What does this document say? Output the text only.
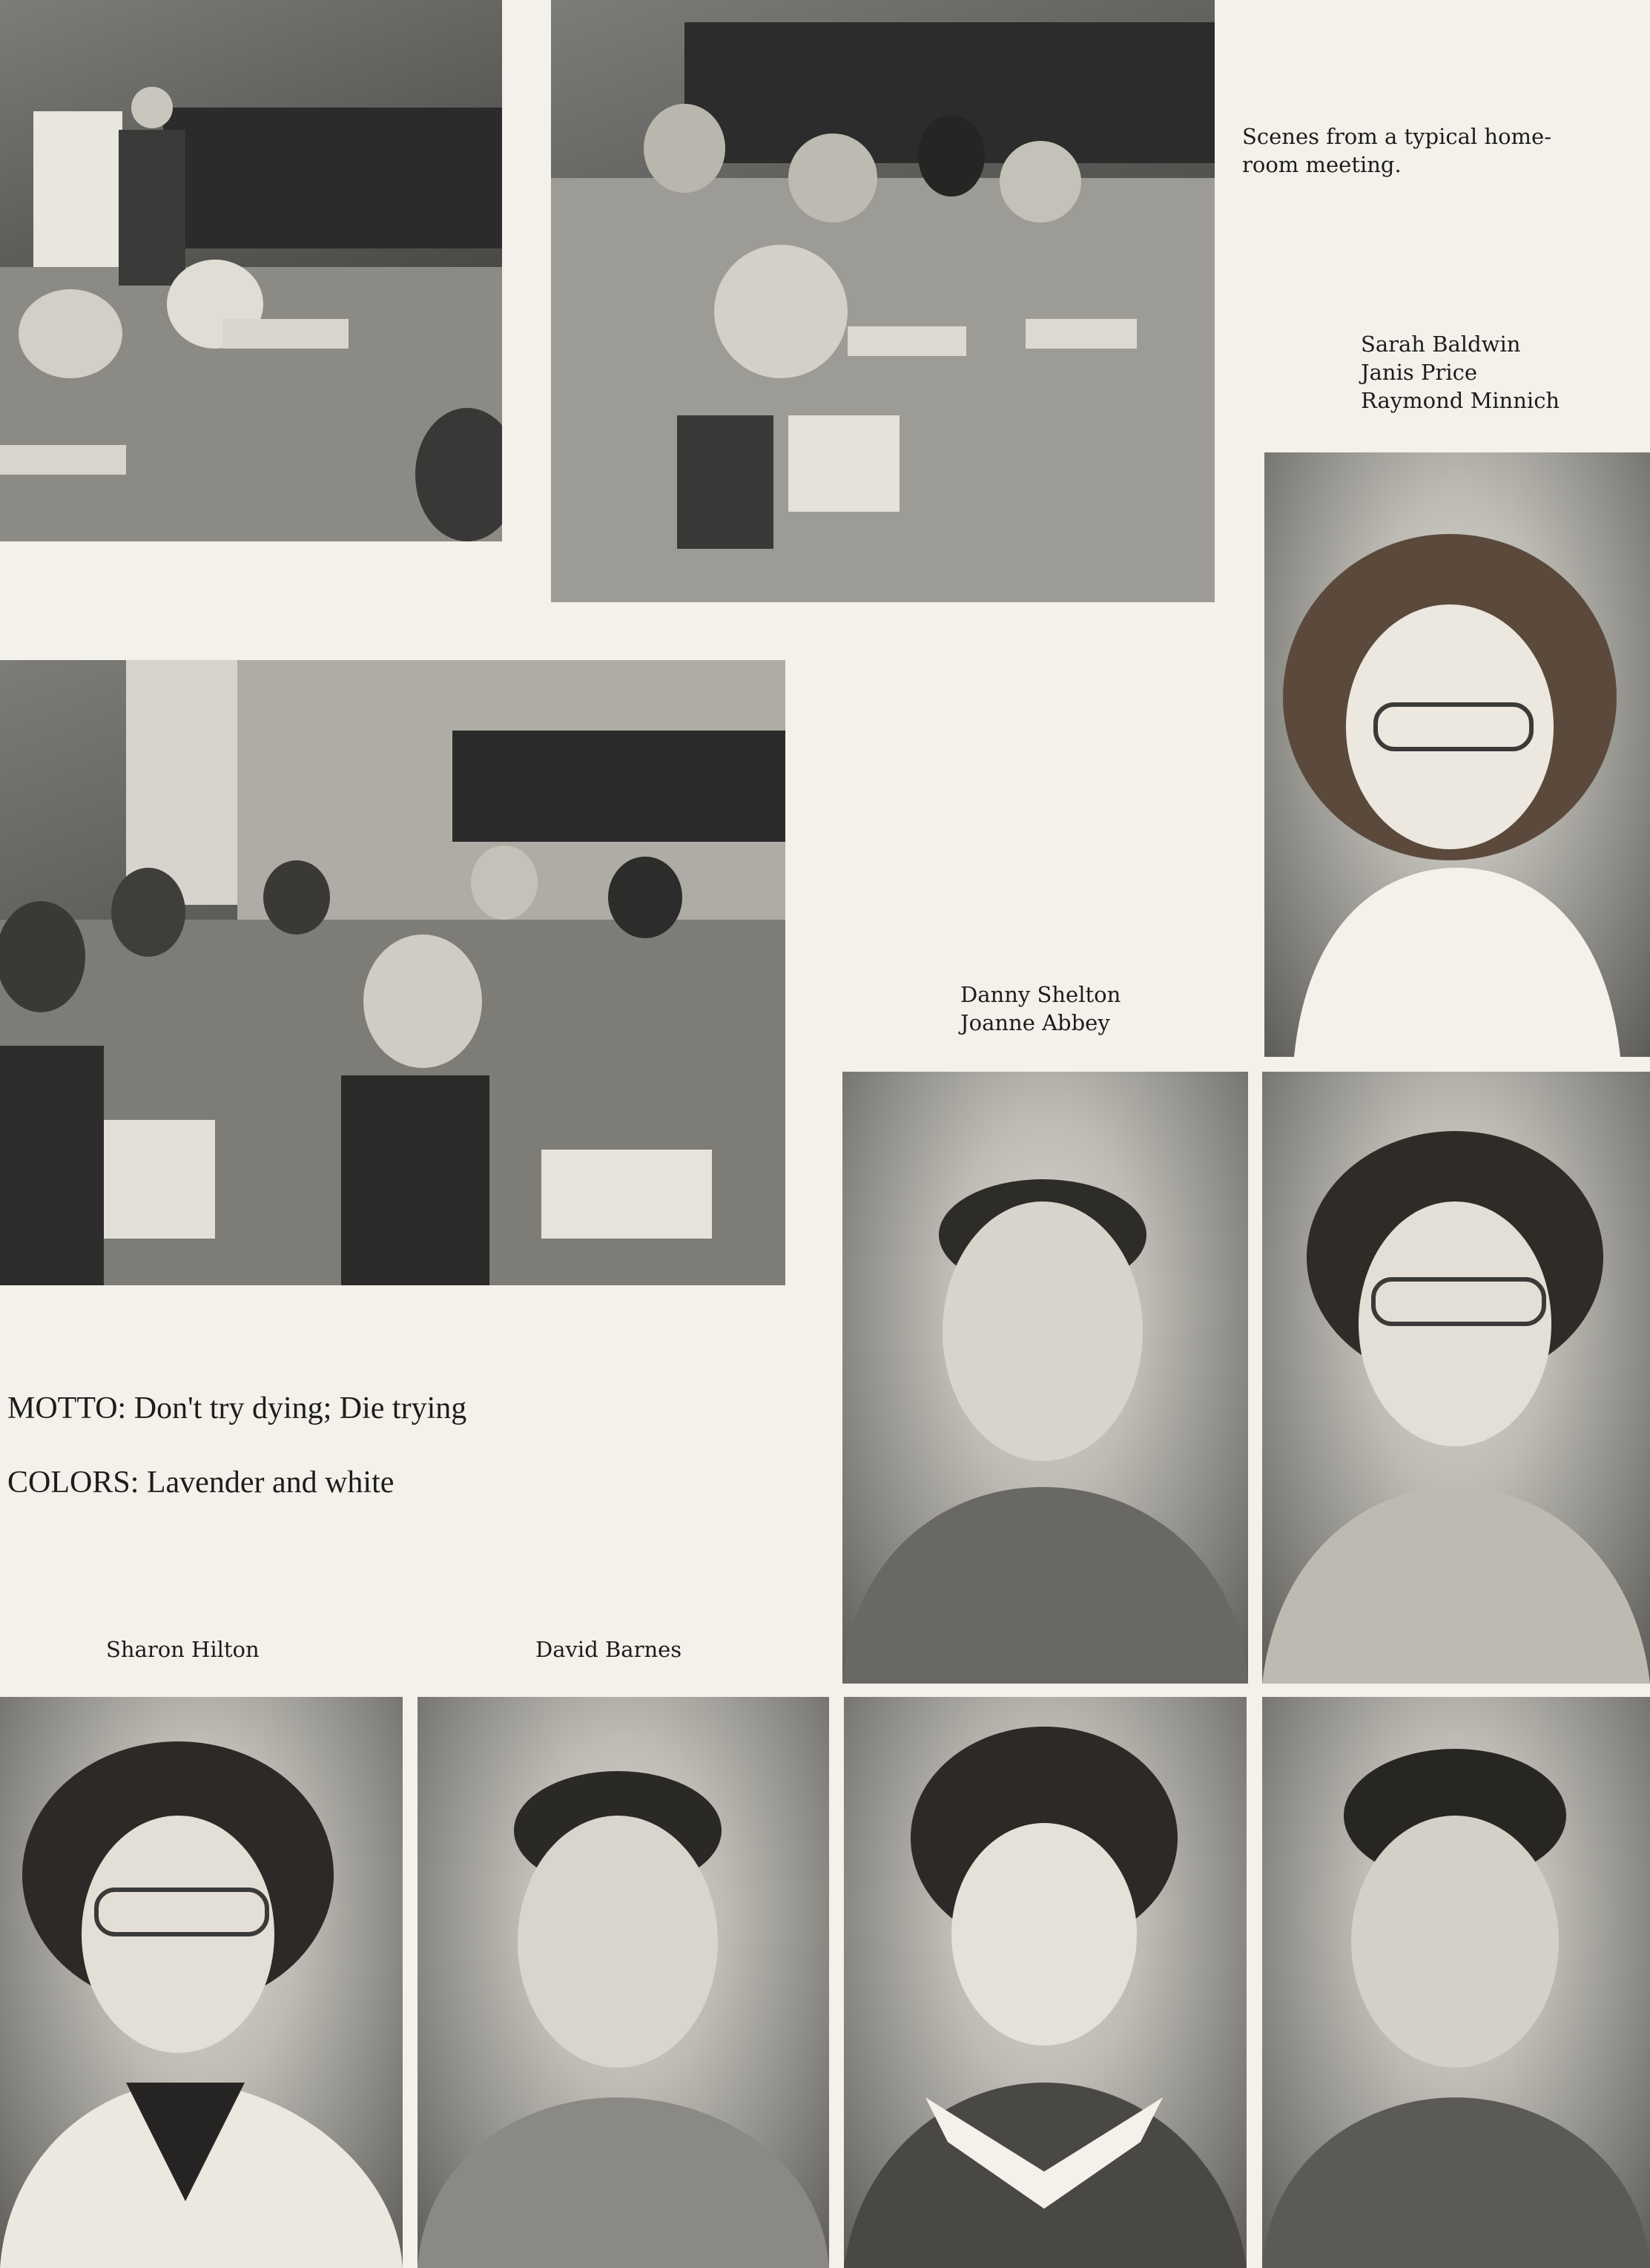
Scenes from a typical home-
room meeting.
Sarah Baldwin
Janis Price
Raymond Minnich
Danny Shelton
Joanne Abbey
Sharon Hilton	David Barnes
MOTTO: Don't try dying; Die trying
COLORS: Lavender and white
